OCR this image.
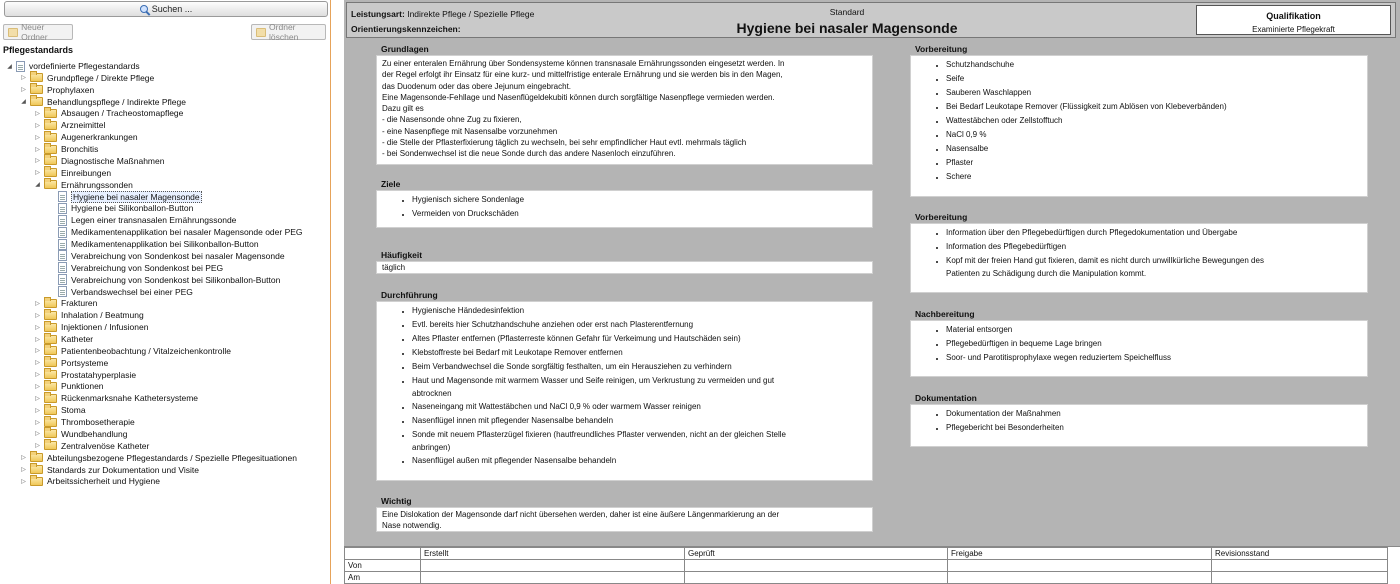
Suchen ...
Neuer Ordner
Ordner löschen
Pflegestandards
◢ vordefinierte Pflegestandards
▷ Grundpflege / Direkte Pflege
▷ Prophylaxen
◢ Behandlungspflege / Indirekte Pflege
▷ Absaugen / Tracheostomapflege
▷ Arzneimittel
▷ Augenerkrankungen
▷ Bronchitis
▷ Diagnostische Maßnahmen
▷ Einreibungen
◢ Ernährungssonden
Hygiene bei nasaler Magensonde
Hygiene bei Silikonballon-Button
Legen einer transnasalen Ernährungssonde
Medikamentenapplikation bei nasaler Magensonde oder PEG
Medikamentenapplikation bei Silikonballon-Button
Verabreichung von Sondenkost bei nasaler Magensonde
Verabreichung von Sondenkost bei PEG
Verabreichung von Sondenkost bei Silikonballon-Button
Verbandswechsel bei einer PEG
▷ Frakturen
▷ Inhalation / Beatmung
▷ Injektionen / Infusionen
▷ Katheter
▷ Patientenbeobachtung / Vitalzeichenkontrolle
▷ Portsysteme
▷ Prostatahyperplasie
▷ Punktionen
▷ Rückenmarksnahe Kathetersysteme
▷ Stoma
▷ Thrombosetherapie
▷ Wundbehandlung
▷ Zentralvenöse Katheter
▷ Abteilungsbezogene Pflegestandards / Spezielle Pflegesituationen
▷ Standards zur Dokumentation und Visite
▷ Arbeitssicherheit und Hygiene
Leistungsart: Indirekte Pflege / Spezielle Pflege
Orientierungskennzeichen:
Standard
Hygiene bei nasaler Magensonde
Qualifikation
Examinierte Pflegekraft
Grundlagen
Zu einer enteralen Ernährung über Sondensysteme können transnasale Ernährungssonden eingesetzt werden. In
der Regel erfolgt ihr Einsatz für eine kurz- und mittelfristige enterale Ernährung und sie werden bis in den Magen,
das Duodenum oder das obere Jejunum eingebracht.
Eine Magensonde-Fehllage und Nasenflügeldekubiti können durch sorgfältige Nasenpflege vermieden werden.
Dazu gilt es
- die Nasensonde ohne Zug zu fixieren,
- eine Nasenpflege mit Nasensalbe vorzunehmen
- die Stelle der Pflasterfixierung täglich zu wechseln, bei sehr empfindlicher Haut evtl. mehrmals täglich
- bei Sondenwechsel ist die neue Sonde durch das andere Nasenloch einzuführen.
Ziele
• Hygienisch sichere Sondenlage
• Vermeiden von Druckschäden
Häufigkeit
täglich
Durchführung
• Hygienische Händedesinfektion
• Evtl. bereits hier Schutzhandschuhe anziehen oder erst nach Plasterentfernung
• Altes Pflaster entfernen (Pflasterreste können Gefahr für Verkeimung und Hautschäden sein)
• Klebstoffreste bei Bedarf mit Leukotape Remover entfernen
• Beim Verbandwechsel die Sonde sorgfältig festhalten, um ein Herausziehen zu verhindern
• Haut und Magensonde mit warmem Wasser und Seife reinigen, um Verkrustung zu vermeiden und gut
abtrocknen
• Naseneingang mit Wattestäbchen und NaCl 0,9 % oder warmem Wasser reinigen
• Nasenflügel innen mit pflegender Nasensalbe behandeln
• Sonde mit neuem Pflasterzügel fixieren (hautfreundliches Pflaster verwenden, nicht an der gleichen Stelle
anbringen)
• Nasenflügel außen mit pflegender Nasensalbe behandeln
Wichtig
Eine Dislokation der Magensonde darf nicht übersehen werden, daher ist eine äußere Längenmarkierung an der
Nase notwendig.
Vorbereitung
• Schutzhandschuhe
• Seife
• Sauberen Waschlappen
• Bei Bedarf Leukotape Remover (Flüssigkeit zum Ablösen von Klebeverbänden)
• Wattestäbchen oder Zellstofftuch
• NaCl 0,9 %
• Nasensalbe
• Pflaster
• Schere
Vorbereitung
• Information über den Pflegebedürftigen durch Pflegedokumentation und Übergabe
• Information des Pflegebedürftigen
• Kopf mit der freien Hand gut fixieren, damit es nicht durch unwillkürliche Bewegungen des
Patienten zu Schädigung durch die Manipulation kommt.
Nachbereitung
• Material entsorgen
• Pflegebedürftigen in bequeme Lage bringen
• Soor- und Parotitisprophylaxe wegen reduziertem Speichelfluss
Dokumentation
• Dokumentation der Maßnahmen
• Pflegebericht bei Besonderheiten
	Erstellt	Geprüft	Freigabe	Revisionsstand
Von				
Am				
